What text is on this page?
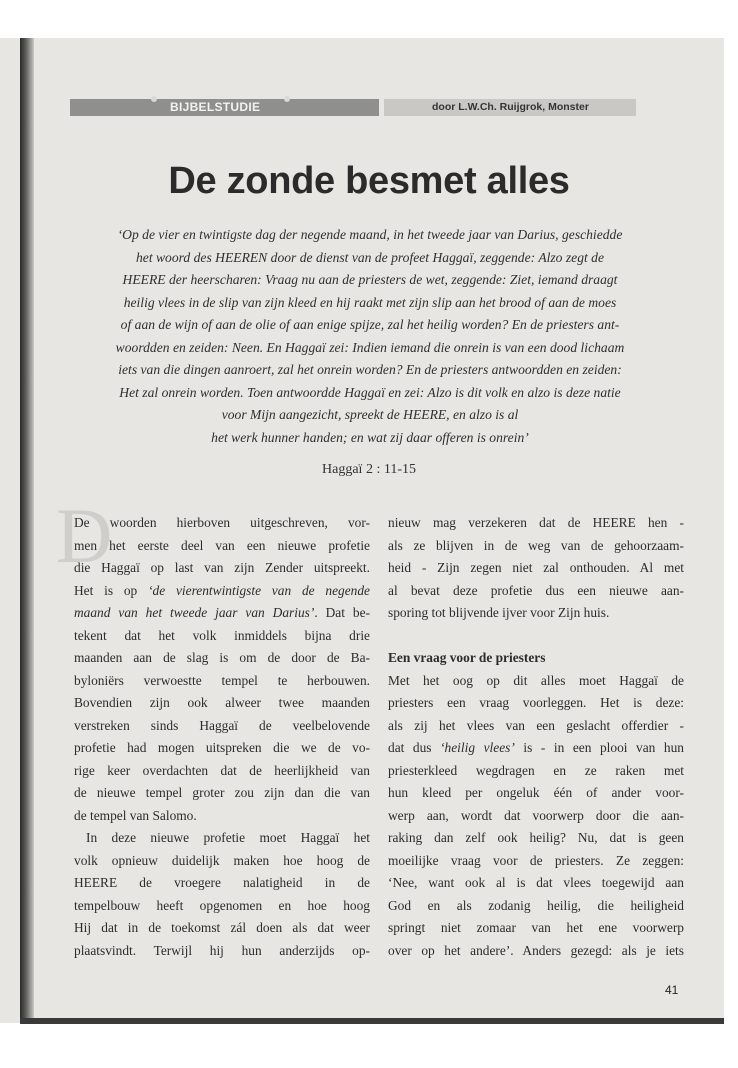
BIJBELSTUDIE	door L.W.Ch. Ruijgrok, Monster
De zonde besmet alles
‘Op de vier en twintigste dag der negende maand, in het tweede jaar van Darius, geschiedde
het woord des HEEREN door de dienst van de profeet Haggaï, zeggende: Alzo zegt de
HEERE der heerscharen: Vraag nu aan de priesters de wet, zeggende: Ziet, iemand draagt
heilig vlees in de slip van zijn kleed en hij raakt met zijn slip aan het brood of aan de moes
of aan de wijn of aan de olie of aan enige spijze, zal het heilig worden? En de priesters ant-
woordden en zeiden: Neen. En Haggaï zei: Indien iemand die onrein is van een dood lichaam
iets van die dingen aanroert, zal het onrein worden? En de priesters antwoordden en zeiden:
Het zal onrein worden. Toen antwoordde Haggaï en zei: Alzo is dit volk en alzo is deze natie
voor Mijn aangezicht, spreekt de HEERE, en alzo is al
het werk hunner handen; en wat zij daar offeren is onrein’
Haggaï 2 : 11-15
D
De woorden hierboven uitgeschreven, vor-
men het eerste deel van een nieuwe profetie
die Haggaï op last van zijn Zender uitspreekt.
Het is op ‘de vierentwintigste van de negende
maand van het tweede jaar van Darius’. Dat be-
tekent dat het volk inmiddels bijna drie
maanden aan de slag is om de door de Ba-
byloniërs verwoestte tempel te herbouwen.
Bovendien zijn ook alweer twee maanden
verstreken sinds Haggaï de veelbelovende
profetie had mogen uitspreken die we de vo-
rige keer overdachten dat de heerlijkheid van
de nieuwe tempel groter zou zijn dan die van
de tempel van Salomo.
In deze nieuwe profetie moet Haggaï het
volk opnieuw duidelijk maken hoe hoog de
HEERE de vroegere nalatigheid in de
tempelbouw heeft opgenomen en hoe hoog
Hij dat in de toekomst zál doen als dat weer
plaatsvindt. Terwijl hij hun anderzijds op-
nieuw mag verzekeren dat de HEERE hen -
als ze blijven in de weg van de gehoorzaam-
heid - Zijn zegen niet zal onthouden. Al met
al bevat deze profetie dus een nieuwe aan-
sporing tot blijvende ijver voor Zijn huis.
Een vraag voor de priesters
Met het oog op dit alles moet Haggaï de
priesters een vraag voorleggen. Het is deze:
als zij het vlees van een geslacht offerdier -
dat dus ‘heilig vlees’ is - in een plooi van hun
priesterkleed wegdragen en ze raken met
hun kleed per ongeluk één of ander voor-
werp aan, wordt dat voorwerp door die aan-
raking dan zelf ook heilig? Nu, dat is geen
moeilijke vraag voor de priesters. Ze zeggen:
‘Nee, want ook al is dat vlees toegewijd aan
God en als zodanig heilig, die heiligheid
springt niet zomaar van het ene voorwerp
over op het andere’. Anders gezegd: als je iets
41
